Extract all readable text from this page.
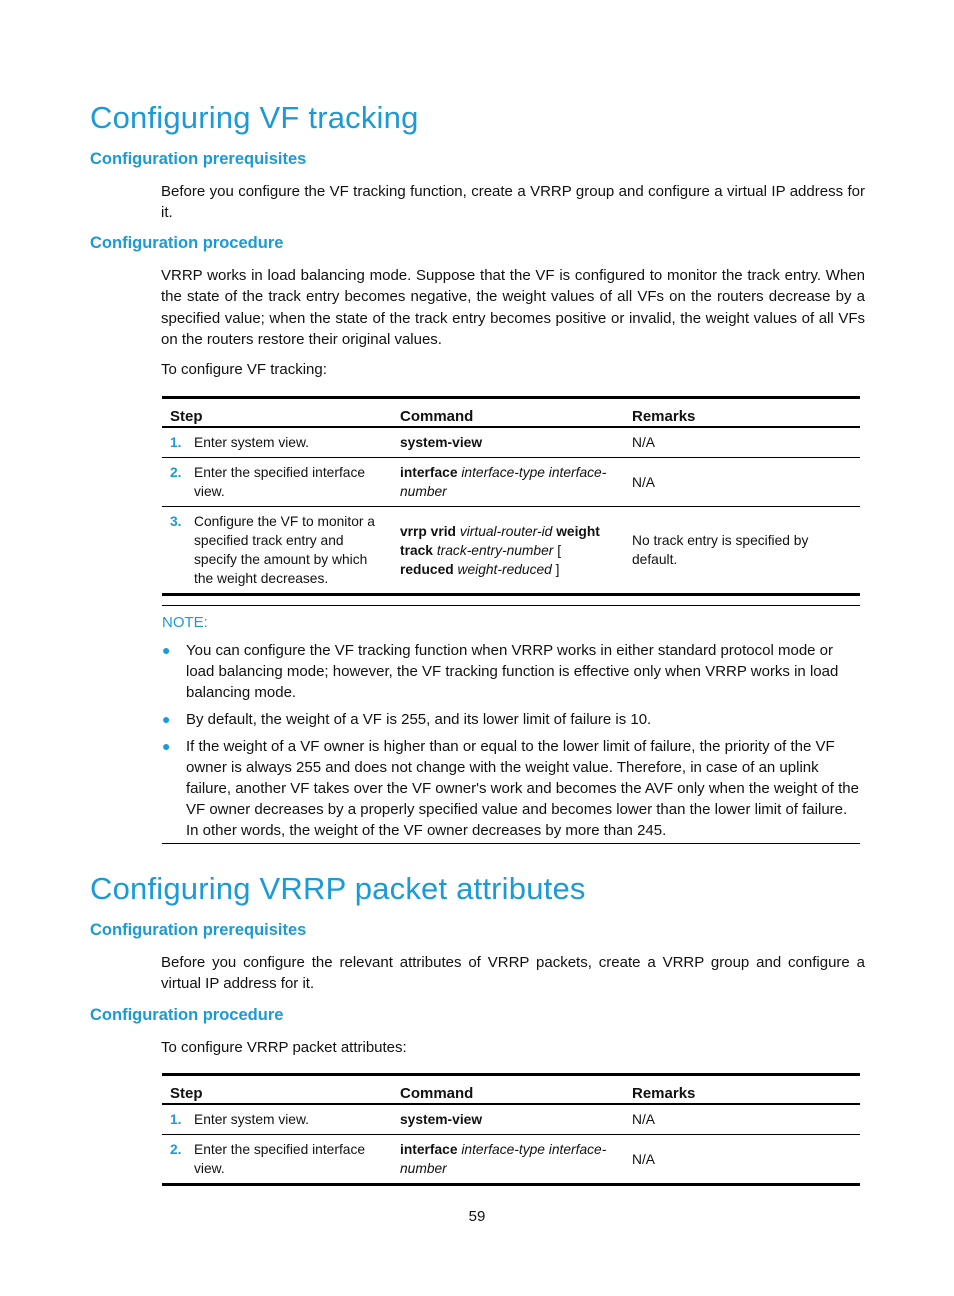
Configuring VF tracking
Configuration prerequisites

Before you configure the VF tracking function, create a VRRP group and configure a virtual IP address for it.

Configuration procedure

VRRP works in load balancing mode. Suppose that the VF is configured to monitor the track entry. When the state of the track entry becomes negative, the weight values of all VFs on the routers decrease by a specified value; when the state of the track entry becomes positive or invalid, the weight values of all VFs on the routers restore their original values.

To configure VF tracking:

Step		Command	Remarks
1.	Enter system view.	system-view	N/A
2.	Enter the specified interface view.	interface interface-type interface-number	N/A
3.	Configure the VF to monitor a specified track entry and specify the amount by which the weight decreases.	vrrp vrid virtual-router-id weight track track-entry-number [ reduced weight-reduced ]	No track entry is specified by default.
NOTE:
● You can configure the VF tracking function when VRRP works in either standard protocol mode or load balancing mode; however, the VF tracking function is effective only when VRRP works in load balancing mode.
● By default, the weight of a VF is 255, and its lower limit of failure is 10.
● If the weight of a VF owner is higher than or equal to the lower limit of failure, the priority of the VF owner is always 255 and does not change with the weight value. Therefore, in case of an uplink failure, another VF takes over the VF owner's work and becomes the AVF only when the weight of the VF owner decreases by a properly specified value and becomes lower than the lower limit of failure. In other words, the weight of the VF owner decreases by more than 245.
Configuring VRRP packet attributes
Configuration prerequisites

Before you configure the relevant attributes of VRRP packets, create a VRRP group and configure a virtual IP address for it.

Configuration procedure

To configure VRRP packet attributes:

Step		Command	Remarks
1.	Enter system view.	system-view	N/A
2.	Enter the specified interface view.	interface interface-type interface-number	N/A
59
